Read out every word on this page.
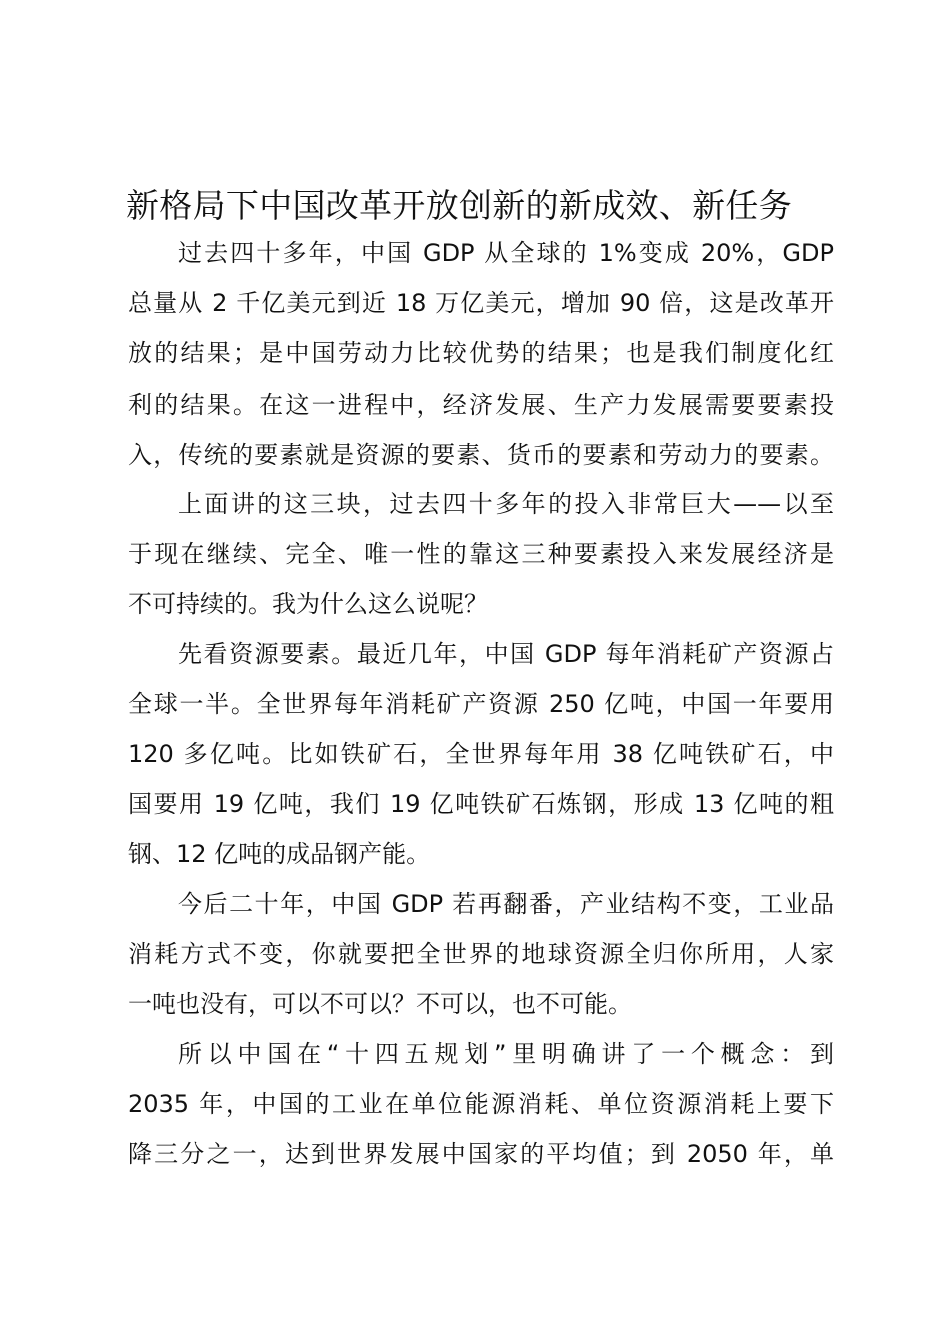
新格局下中国改革开放创新的新成效、新任务

过去四十多年，中国 GDP 从全球的 1%变成 20%，GDP

总量从 2 千亿美元到近 18 万亿美元，增加 90 倍，这是改革开

放的结果；是中国劳动力比较优势的结果；也是我们制度化红

利的结果。在这一进程中，经济发展、生产力发展需要要素投

入，传统的要素就是资源的要素、货币的要素和劳动力的要素。

上面讲的这三块，过去四十多年的投入非常巨大——以至

于现在继续、完全、唯一性的靠这三种要素投入来发展经济是

不可持续的。我为什么这么说呢？

先看资源要素。最近几年，中国 GDP 每年消耗矿产资源占

全球一半。全世界每年消耗矿产资源 250 亿吨，中国一年要用

120 多亿吨。比如铁矿石，全世界每年用 38 亿吨铁矿石，中

国要用 19 亿吨，我们 19 亿吨铁矿石炼钢，形成 13 亿吨的粗

钢、12 亿吨的成品钢产能。

今后二十年，中国 GDP 若再翻番，产业结构不变，工业品

消耗方式不变，你就要把全世界的地球资源全归你所用，人家

一吨也没有，可以不可以？不可以，也不可能。

所以中国在“十四五规划”里明确讲了一个概念：到

2035 年，中国的工业在单位能源消耗、单位资源消耗上要下

降三分之一，达到世界发展中国家的平均值；到 2050 年，单
